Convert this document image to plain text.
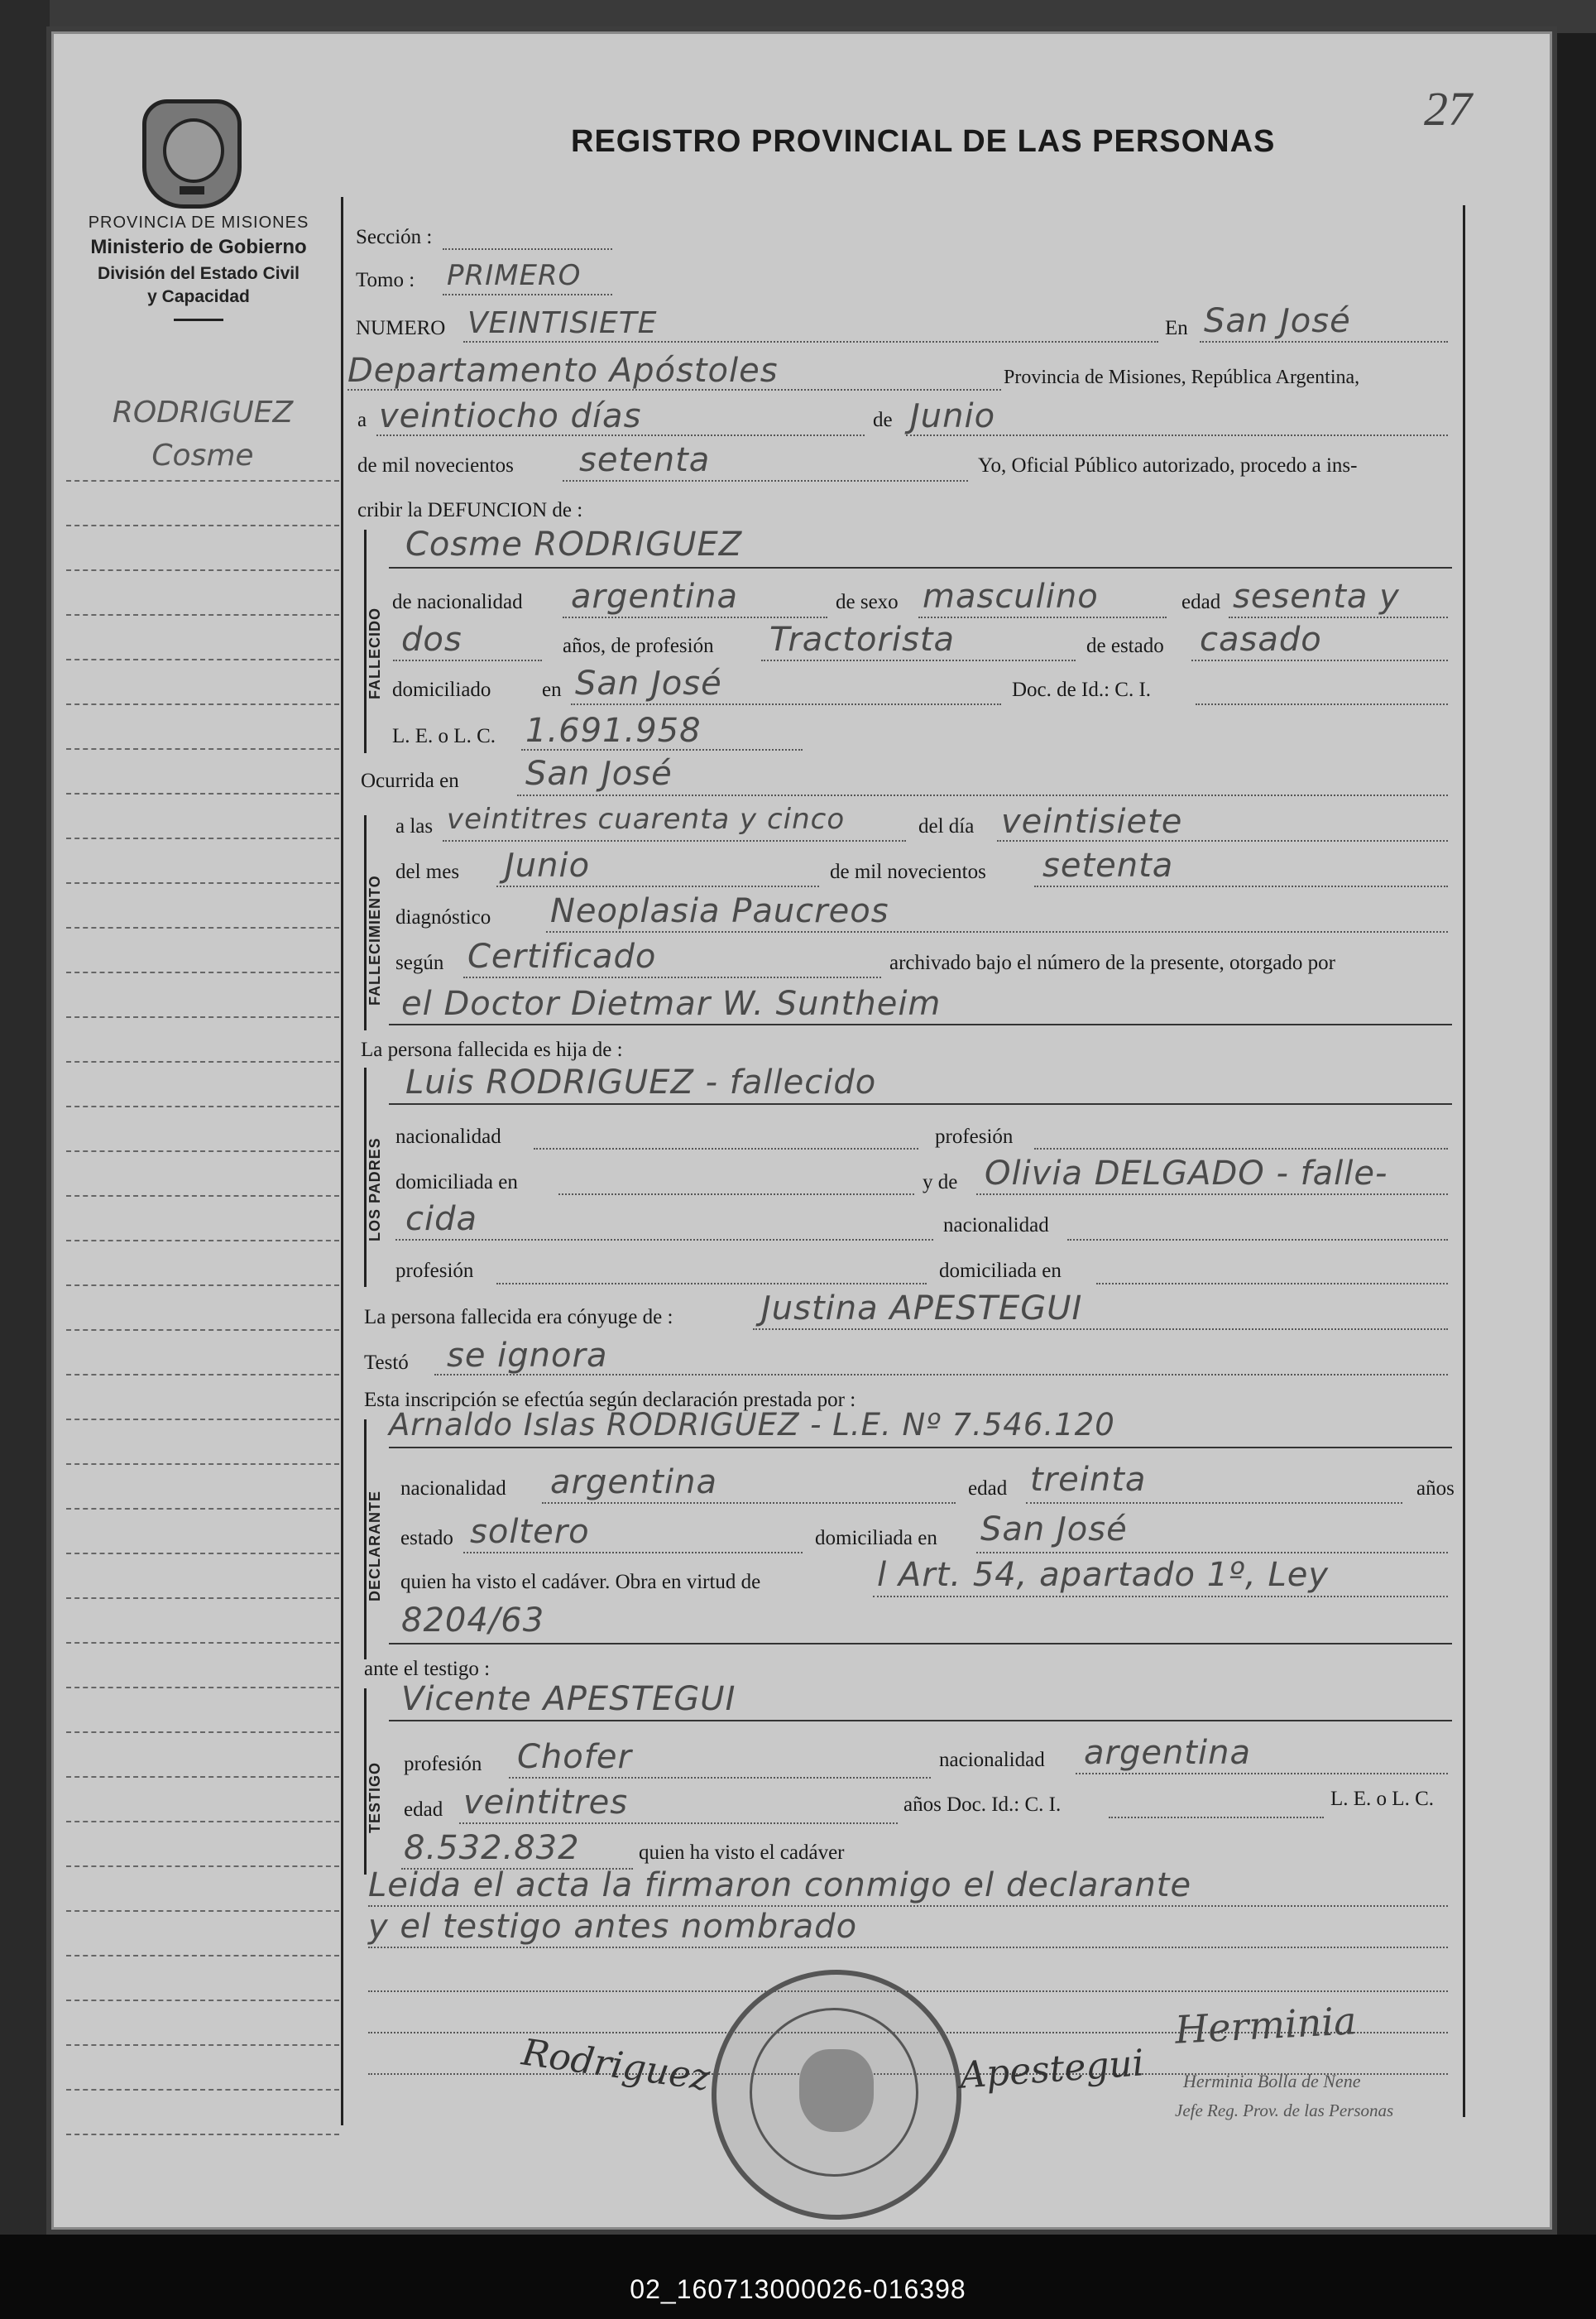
27
PROVINCIA DE MISIONES
Ministerio de Gobierno
División del Estado Civil
y Capacidad
REGISTRO PROVINCIAL DE LAS PERSONAS
RODRIGUEZ
Cosme
Sección :
Tomo : PRIMERO
NUMERO VEINTISIETE	En San José
Departamento Apóstoles	Provincia de Misiones, República Argentina,
a veintiocho días	de Junio
de mil novecientos setenta	Yo, Oficial Público autorizado, procedo a ins-
cribir la DEFUNCION de :
FALLECIDO
Cosme RODRIGUEZ
de nacionalidad argentina	de sexo masculino	edad sesenta y
dos	años, de profesión Tractorista	de estado casado
domiciliado en San José	Doc. de Id.: C. I.
L. E. o L. C. 1.691.958
Ocurrida en San José
FALLECIMIENTO
a las veintitres cuarenta y cinco	del día veintisiete
del mes Junio	de mil novecientos setenta
diagnóstico Neoplasia Paucreos
según Certificado	archivado bajo el número de la presente, otorgado por
el Doctor Dietmar W. Suntheim
La persona fallecida es hija de :
LOS PADRES
Luis RODRIGUEZ - fallecido
nacionalidad	profesión
domiciliada en	y de Olivia DELGADO - falle-
cida	nacionalidad
profesión	domiciliada en
La persona fallecida era cónyuge de :	Justina APESTEGUI
Testó se ignora
Esta inscripción se efectúa según declaración prestada por :
DECLARANTE
Arnaldo Islas RODRIGUEZ - L.E. Nº 7.546.120
nacionalidad argentina	edad treinta	años
estado soltero	domiciliada en San José
quien ha visto el cadáver. Obra en virtud de	l Art. 54, apartado 1º, Ley
8204/63
ante el testigo :
TESTIGO
Vicente APESTEGUI
profesión Chofer	nacionalidad argentina
edad veintitres	años Doc. Id.: C. I.	L. E. o L. C.
8.532.832	quien ha visto el cadáver
Leida el acta la firmaron conmigo el declarante
y el testigo antes nombrado
Rodriguez	Apestegui
Herminia
Herminia Bolla de Nene
Jefe Reg. Prov. de las Personas
02_160713000026-016398
